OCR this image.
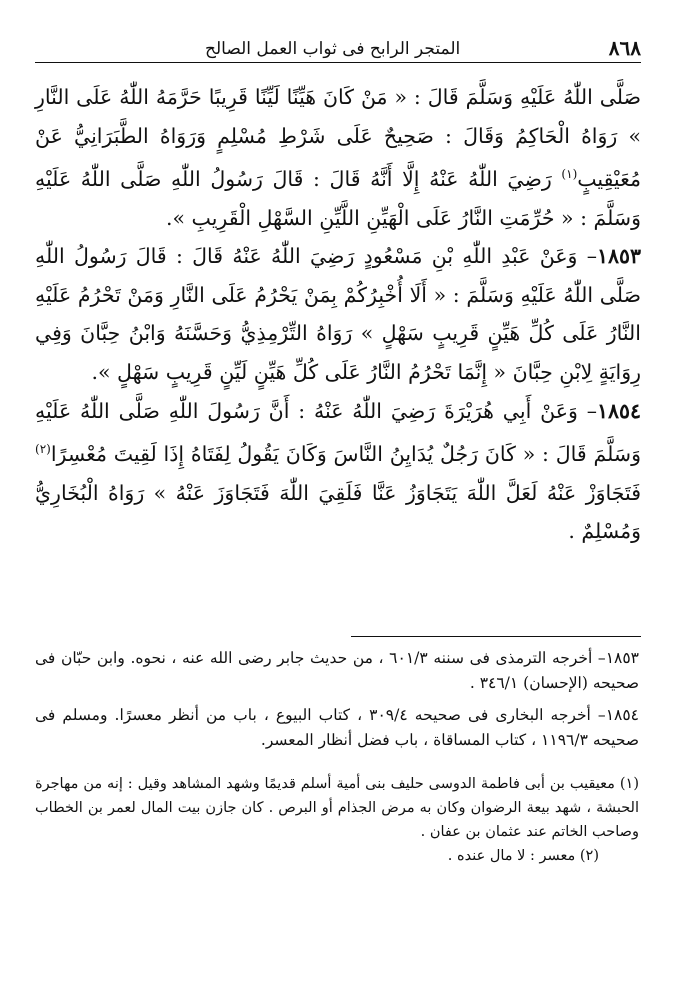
٨٦٨
المتجر الرابح فى ثواب العمل الصالح

صَلَّى اللّٰهُ عَلَيْهِ وَسَلَّمَ قَالَ : « مَنْ كَانَ هَيِّنًا لَيِّنًا قَرِيبًا حَرَّمَهُ اللّٰهُ عَلَى النَّارِ » رَوَاهُ الْحَاكِمُ وَقَالَ : صَحِيحٌ عَلَى شَرْطِ مُسْلِمٍ وَرَوَاهُ الطَّبَرَانِيُّ عَنْ مُعَيْقِيبٍ$^{(١)}$ رَضِيَ اللّٰهُ عَنْهُ إِلَّا أَنَّهُ قَالَ : قَالَ رَسُولُ اللّٰهِ صَلَّى اللّٰهُ عَلَيْهِ وَسَلَّمَ : « حُرِّمَتِ النَّارُ عَلَى الْهَيِّنِ اللَّيِّنِ السَّهْلِ الْقَرِيبِ ».

١٨٥٣– وَعَنْ عَبْدِ اللّٰهِ بْنِ مَسْعُودٍ رَضِيَ اللّٰهُ عَنْهُ قَالَ : قَالَ رَسُولُ اللّٰهِ صَلَّى اللّٰهُ عَلَيْهِ وَسَلَّمَ : « أَلَا أُخْبِرُكُمْ بِمَنْ يَحْرُمُ عَلَى النَّارِ وَمَنْ تَحْرُمُ عَلَيْهِ النَّارُ عَلَى كُلِّ هَيِّنٍ قَرِيبٍ سَهْلٍ » رَوَاهُ التِّرْمِذِيُّ وَحَسَّنَهُ وَابْنُ حِبَّانَ وَفِي رِوَايَةٍ لِابْنِ حِبَّانَ « إِنَّمَا تَحْرُمُ النَّارُ عَلَى كُلِّ هَيِّنٍ لَيِّنٍ قَرِيبٍ سَهْلٍ ».

١٨٥٤– وَعَنْ أَبِي هُرَيْرَةَ رَضِيَ اللّٰهُ عَنْهُ : أَنَّ رَسُولَ اللّٰهِ صَلَّى اللّٰهُ عَلَيْهِ وَسَلَّمَ قَالَ : « كَانَ رَجُلٌ يُدَايِنُ النَّاسَ وَكَانَ يَقُولُ لِفَتَاهُ إِذَا لَقِيتَ مُعْسِرًا$^{(٢)}$ فَتَجَاوَزْ عَنْهُ لَعَلَّ اللّٰهَ يَتَجَاوَزُ عَنَّا فَلَقِيَ اللّٰهَ فَتَجَاوَزَ عَنْهُ » رَوَاهُ الْبُخَارِيُّ وَمُسْلِمٌ .

١٨٥٣– أخرجه الترمذى فى سننه ٦٠١/٣ ، من حديث جابر رضى الله عنه ، نحوه. وابن حبّان فى صحيحه (الإحسان) ٣٤٦/١ .

١٨٥٤– أخرجه البخارى فى صحيحه ٣٠٩/٤ ، كتاب البيوع ، باب من أنظر معسرًا. ومسلم فى صحيحه ١١٩٦/٣ ، كتاب المساقاة ، باب فضل أنظار المعسر.

(١) معيقيب بن أبى فاطمة الدوسى حليف بنى أمية أسلم قديمًا وشهد المشاهد وقيل : إنه من مهاجرة الحبشة ، شهد بيعة الرضوان وكان به مرض الجذام أو البرص . كان جازن بيت المال لعمر بن الخطاب وصاحب الخاتم عند عثمان بن عفان .

(٢) معسر : لا مال عنده .
